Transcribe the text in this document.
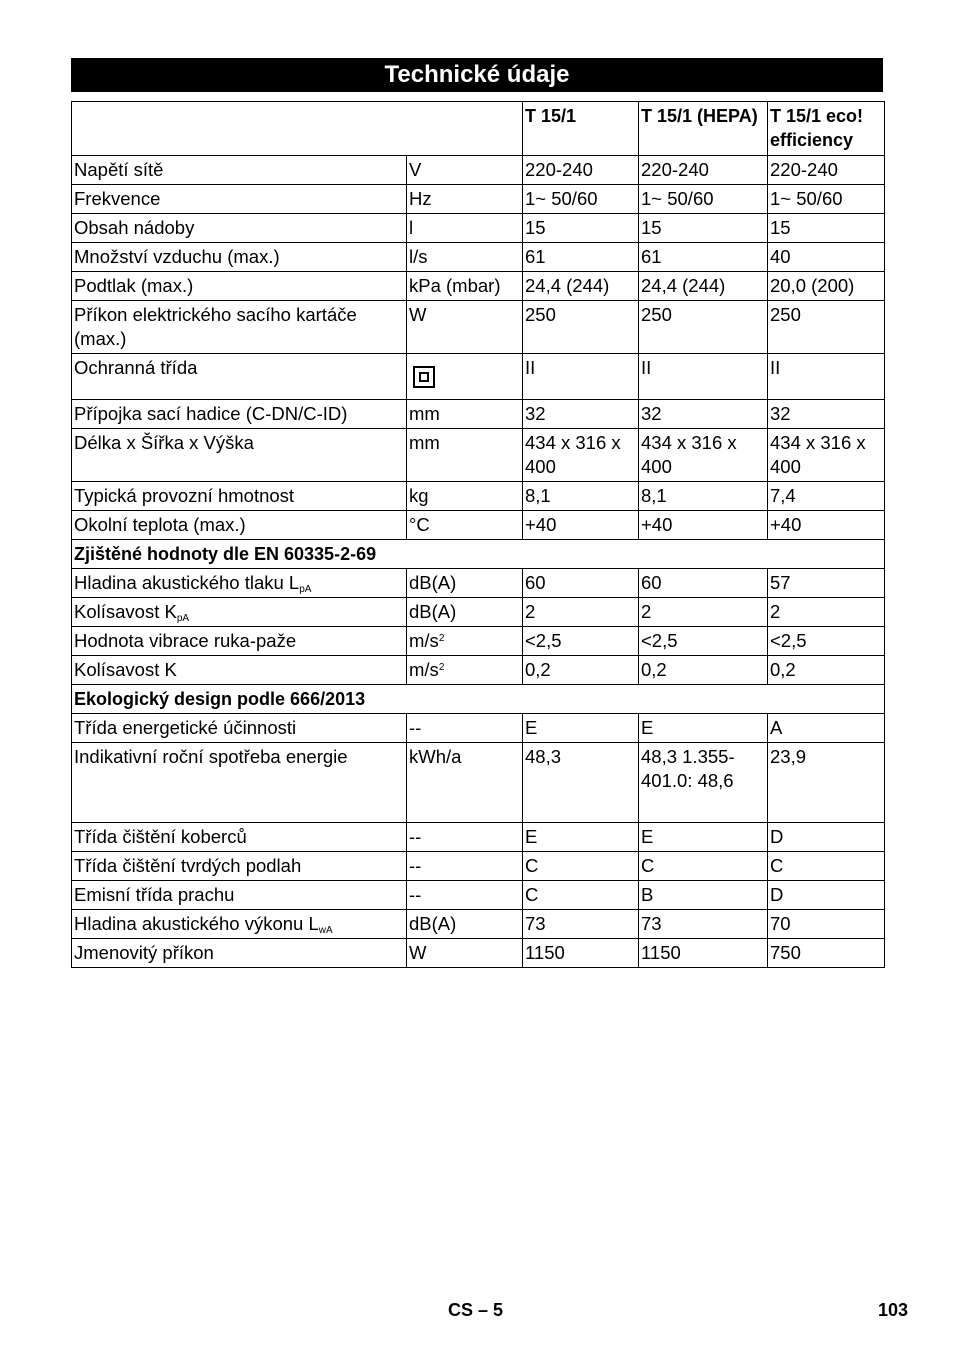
Technické údaje
		T 15/1	T 15/1 (HEPA)	T 15/1 eco! efficiency
Napětí sítě	V	220-240	220-240	220-240
Frekvence	Hz	1~ 50/60	1~ 50/60	1~ 50/60
Obsah nádoby	l	15	15	15
Množství vzduchu (max.)	l/s	61	61	40
Podtlak (max.)	kPa (mbar)	24,4 (244)	24,4 (244)	20,0 (200)
Příkon elektrického sacího kartáče (max.)	W	250	250	250
Ochranná třída		II	II	II
Přípojka sací hadice (C-DN/C-ID)	mm	32	32	32
Délka x Šířka x Výška	mm	434 x 316 x 400	434 x 316 x 400	434 x 316 x 400
Typická provozní hmotnost	kg	8,1	8,1	7,4
Okolní teplota (max.)	°C	+40	+40	+40
Zjištěné hodnoty dle EN 60335-2-69				
Hladina akustického tlaku $L_{pA}$	dB(A)	60	60	57
Kolísavost $K_{pA}$	dB(A)	2	2	2
Hodnota vibrace ruka-paže	$m/s^2$	<2,5	<2,5	<2,5
Kolísavost K	$m/s^2$	0,2	0,2	0,2
Ekologický design podle 666/2013				
Třída energetické účinnosti	--	E	E	A
Indikativní roční spotřeba energie	kWh/a	48,3	48,3 1.355-401.0: 48,6	23,9
Třída čištění koberců	--	E	E	D
Třída čištění tvrdých podlah	--	C	C	C
Emisní třída prachu	--	C	B	D
Hladina akustického výkonu $L_{wA}$	dB(A)	73	73	70
Jmenovitý příkon	W	1150	1150	750
CS – 5	103
